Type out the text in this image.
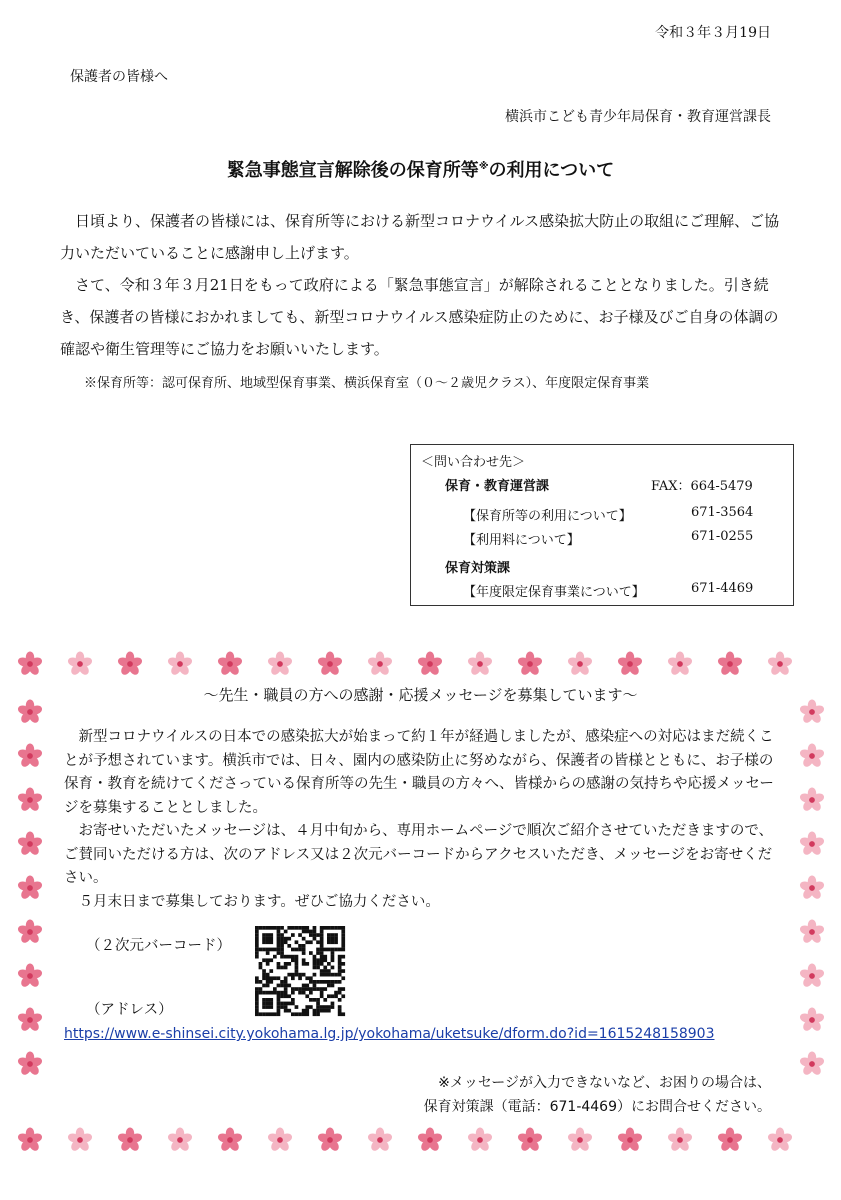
令和３年３月19日
保護者の皆様へ
横浜市こども青少年局保育・教育運営課長
緊急事態宣言解除後の保育所等※の利用について

日頃より、保護者の皆様には、保育所等における新型コロナウイルス感染拡大防止の取組にご理解、ご協力いただいていることに感謝申し上げます。

さて、令和３年３月21日をもって政府による「緊急事態宣言」が解除されることとなりました。引き続き、保護者の皆様におかれましても、新型コロナウイルス感染症防止のために、お子様及びご自身の体調の確認や衛生管理等にご協力をお願いいたします。

※保育所等：認可保育所、地域型保育事業、横浜保育室（０～２歳児クラス）、年度限定保育事業
＜問い合わせ先＞
保育・教育運営課	FAX：664-5479
【保育所等の利用について】	671-3564
【利用料について】	671-0255
保育対策課
【年度限定保育事業について】	671-4469
～先生・職員の方への感謝・応援メッセージを募集しています～

新型コロナウイルスの日本での感染拡大が始まって約１年が経過しましたが、感染症への対応はまだ続くことが予想されています。横浜市では、日々、園内の感染防止に努めながら、保護者の皆様とともに、お子様の保育・教育を続けてくださっている保育所等の先生・職員の方々へ、皆様からの感謝の気持ちや応援メッセージを募集することとしました。

お寄せいただいたメッセージは、４月中旬から、専用ホームページで順次ご紹介させていただきますので、ご賛同いただける方は、次のアドレス又は２次元バーコードからアクセスいただき、メッセージをお寄せください。

５月末日まで募集しております。ぜひご協力ください。

（２次元バーコード）
（アドレス）
https://www.e-shinsei.city.yokohama.lg.jp/yokohama/uketsuke/dform.do?id=1615248158903
※メッセージが入力できないなど、お困りの場合は、
保育対策課（電話：671-4469）にお問合せください。
